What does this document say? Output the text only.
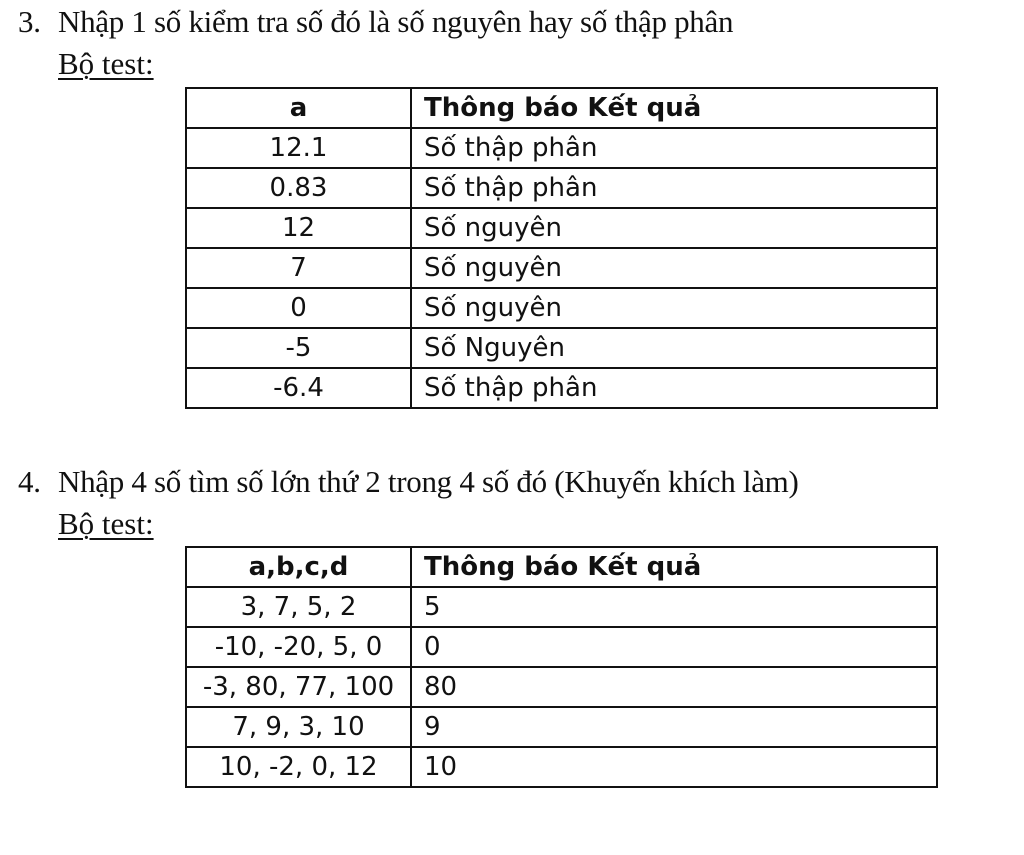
3. Nhập 1 số kiểm tra số đó là số nguyên hay số thập phân
Bộ test:
a	Thông báo Kết quả
12.1	Số thập phân
0.83	Số thập phân
12	Số nguyên
7	Số nguyên
0	Số nguyên
-5	Số Nguyên
-6.4	Số thập phân
4. Nhập 4 số tìm số lớn thứ 2 trong 4 số đó (Khuyến khích làm)
Bộ test:
a,b,c,d	Thông báo Kết quả
3, 7, 5, 2	5
-10, -20, 5, 0	0
-3, 80, 77, 100	80
7, 9, 3, 10	9
10, -2, 0, 12	10
